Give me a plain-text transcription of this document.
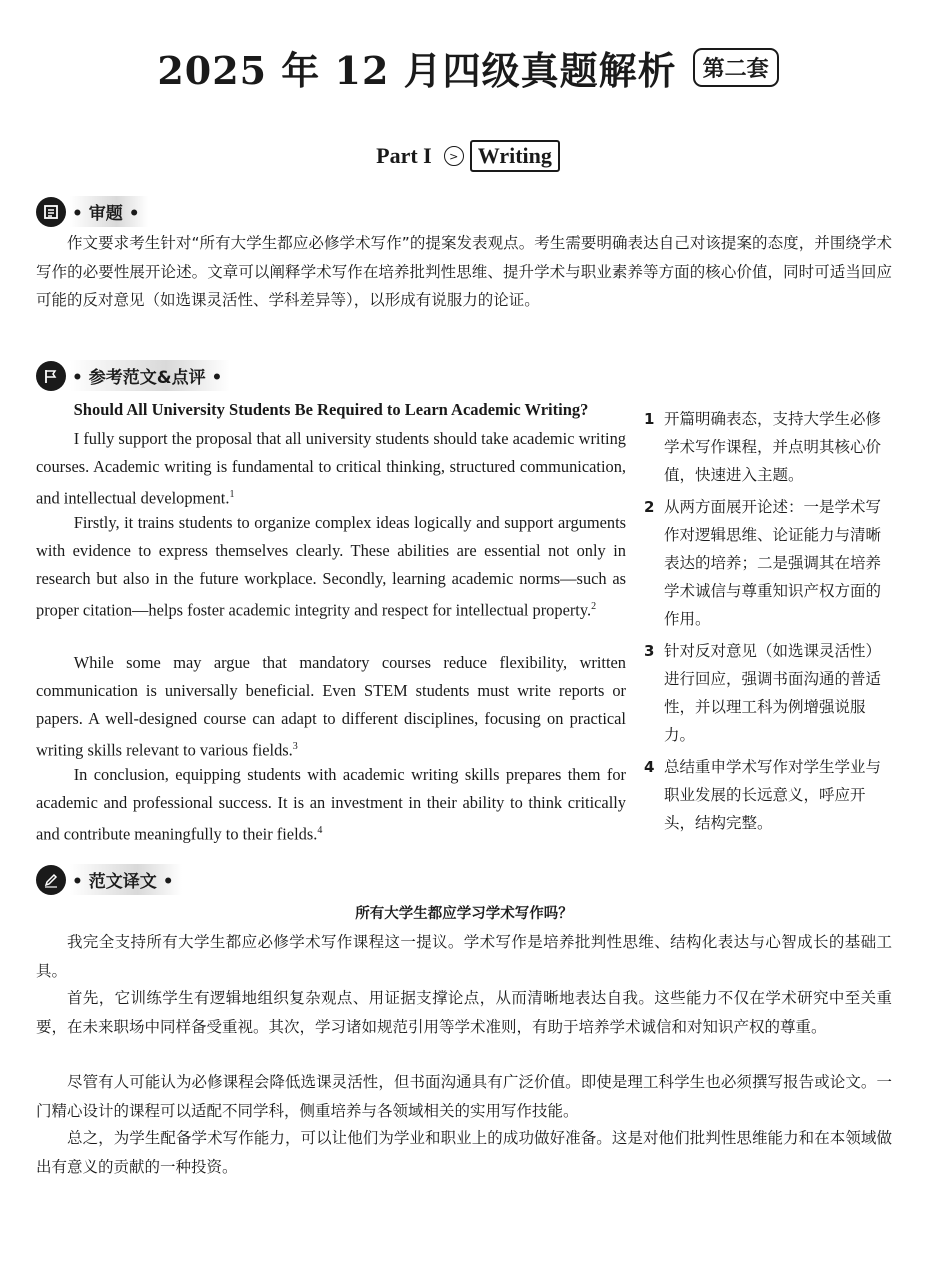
2025 年 12 月四级真题解析	第二套
Part I	> Writing
• 审题 •

作文要求考生针对“所有大学生都应必修学术写作”的提案发表观点。考生需要明确表达自己对该提案的态度，并围绕学术写作的必要性展开论述。文章可以阐释学术写作在培养批判性思维、提升学术与职业素养等方面的核心价值，同时可适当回应可能的反对意见（如选课灵活性、学科差异等），以形成有说服力的论证。

• 参考范文&点评 •
Should All University Students Be Required to Learn Academic Writing?

I fully support the proposal that all university students should take academic writing courses. Academic writing is fundamental to critical thinking, structured communication, and intellectual development.$^1$

Firstly, it trains students to organize complex ideas logically and support arguments with evidence to express themselves clearly. These abilities are essential not only in research but also in the future workplace. Secondly, learning academic norms—such as proper citation—helps foster academic integrity and respect for intellectual property.$^2$

While some may argue that mandatory courses reduce flexibility, written communication is universally beneficial. Even STEM students must write reports or papers. A well-designed course can adapt to different disciplines, focusing on practical writing skills relevant to various fields.$^3$

In conclusion, equipping students with academic writing skills prepares them for academic and professional success. It is an investment in their ability to think critically and contribute meaningfully to their fields.$^4$

1 开篇明确表态，支持大学生必修学术写作课程，并点明其核心价值，快速进入主题。
2 从两方面展开论述：一是学术写作对逻辑思维、论证能力与清晰表达的培养；二是强调其在培养学术诚信与尊重知识产权方面的作用。
3 针对反对意见（如选课灵活性）进行回应，强调书面沟通的普适性，并以理工科为例增强说服力。
4 总结重申学术写作对学生学业与职业发展的长远意义，呼应开头，结构完整。
• 范文译文 •
所有大学生都应学习学术写作吗？

我完全支持所有大学生都应必修学术写作课程这一提议。学术写作是培养批判性思维、结构化表达与心智成长的基础工具。

首先，它训练学生有逻辑地组织复杂观点、用证据支撑论点，从而清晰地表达自我。这些能力不仅在学术研究中至关重要，在未来职场中同样备受重视。其次，学习诸如规范引用等学术准则，有助于培养学术诚信和对知识产权的尊重。

尽管有人可能认为必修课程会降低选课灵活性，但书面沟通具有广泛价值。即使是理工科学生也必须撰写报告或论文。一门精心设计的课程可以适配不同学科，侧重培养与各领域相关的实用写作技能。

总之，为学生配备学术写作能力，可以让他们为学业和职业上的成功做好准备。这是对他们批判性思维能力和在本领域做出有意义的贡献的一种投资。
